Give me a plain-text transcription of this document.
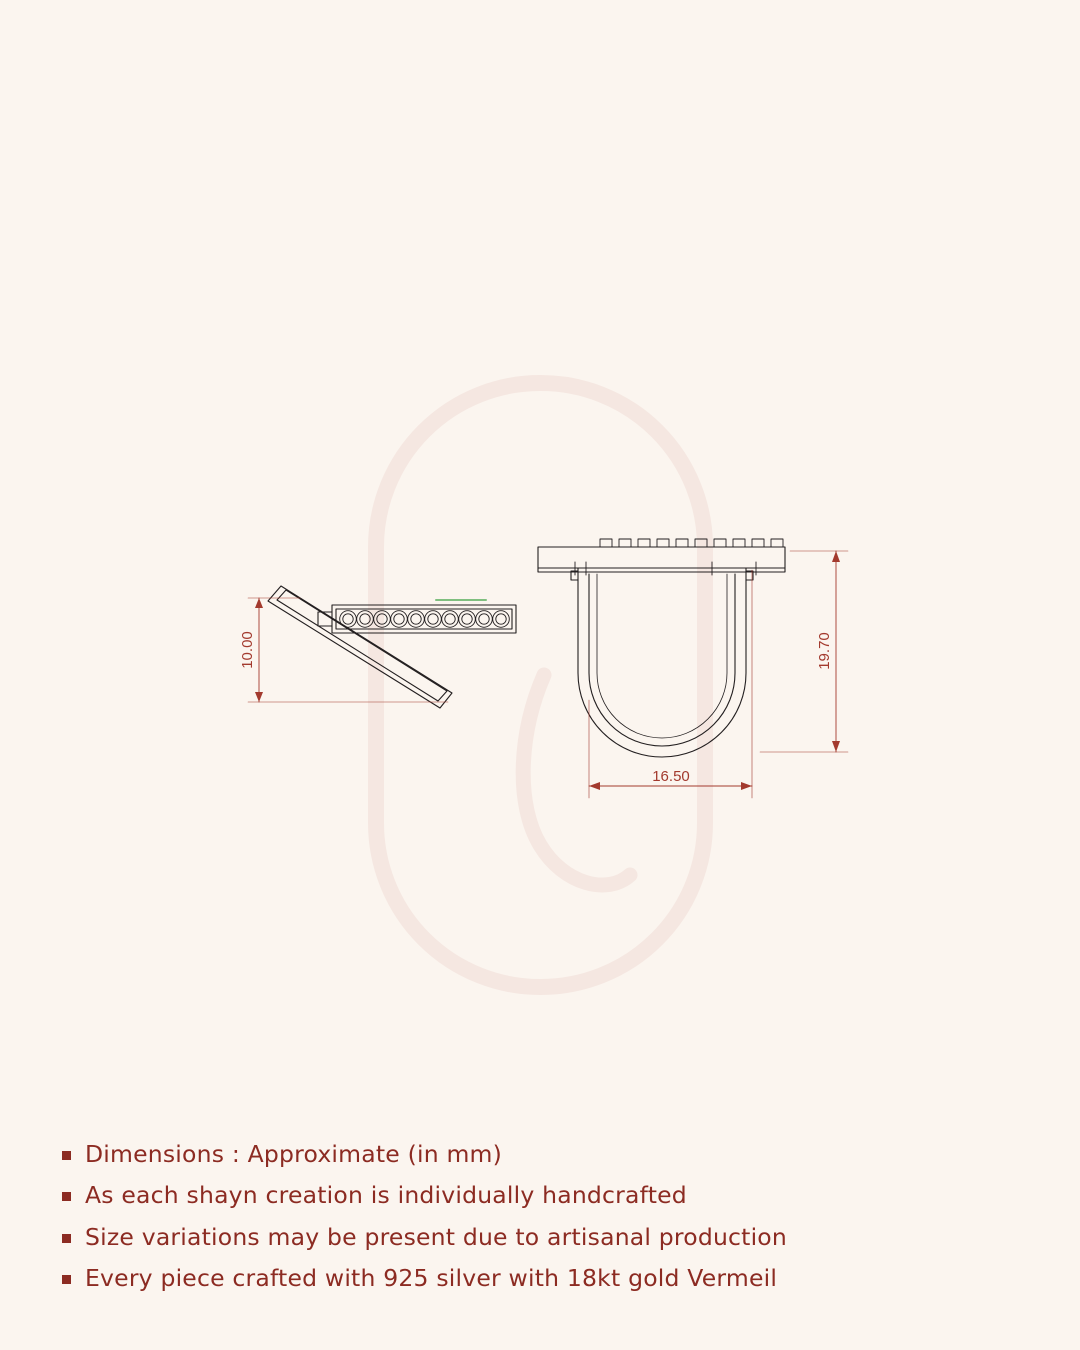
10.00	19.70
16.50
Dimensions : Approximate (in mm)
As each shayn creation is individually handcrafted
Size variations may be present due to artisanal production
Every piece crafted with 925 silver with 18kt gold Vermeil
